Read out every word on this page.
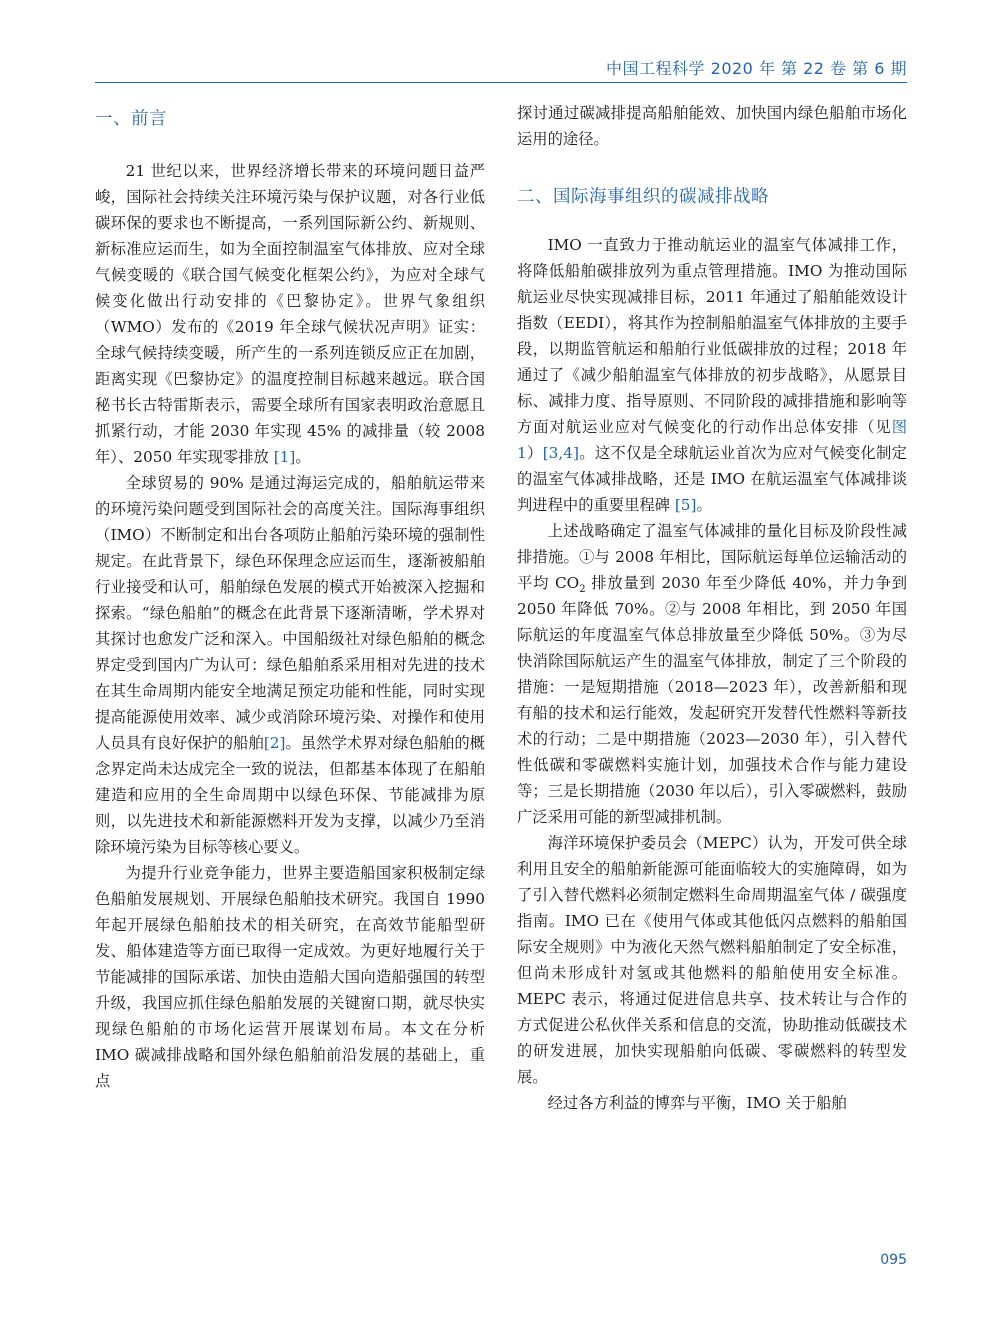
中国工程科学 2020 年 第 22 卷 第 6 期
一、前言

21 世纪以来，世界经济增长带来的环境问题日益严峻，国际社会持续关注环境污染与保护议题，对各行业低碳环保的要求也不断提高，一系列国际新公约、新规则、新标准应运而生，如为全面控制温室气体排放、应对全球气候变暖的《联合国气候变化框架公约》，为应对全球气候变化做出行动安排的《巴黎协定》。世界气象组织（WMO）发布的《2019 年全球气候状况声明》证实：全球气候持续变暖，所产生的一系列连锁反应正在加剧，距离实现《巴黎协定》的温度控制目标越来越远。联合国秘书长古特雷斯表示，需要全球所有国家表明政治意愿且抓紧行动，才能 2030 年实现 45% 的减排量（较 2008 年）、2050 年实现零排放 [1]。

全球贸易的 90% 是通过海运完成的，船舶航运带来的环境污染问题受到国际社会的高度关注。国际海事组织（IMO）不断制定和出台各项防止船舶污染环境的强制性规定。在此背景下，绿色环保理念应运而生，逐渐被船舶行业接受和认可，船舶绿色发展的模式开始被深入挖掘和探索。“绿色船舶”的概念在此背景下逐渐清晰，学术界对其探讨也愈发广泛和深入。中国船级社对绿色船舶的概念界定受到国内广为认可：绿色船舶系采用相对先进的技术在其生命周期内能安全地满足预定功能和性能，同时实现提高能源使用效率、减少或消除环境污染、对操作和使用人员具有良好保护的船舶[2]。虽然学术界对绿色船舶的概念界定尚未达成完全一致的说法，但都基本体现了在船舶建造和应用的全生命周期中以绿色环保、节能减排为原则，以先进技术和新能源燃料开发为支撑，以减少乃至消除环境污染为目标等核心要义。

为提升行业竞争能力，世界主要造船国家积极制定绿色船舶发展规划、开展绿色船舶技术研究。我国自 1990 年起开展绿色船舶技术的相关研究，在高效节能船型研发、船体建造等方面已取得一定成效。为更好地履行关于节能减排的国际承诺、加快由造船大国向造船强国的转型升级，我国应抓住绿色船舶发展的关键窗口期，就尽快实现绿色船舶的市场化运营开展谋划布局。本文在分析 IMO 碳减排战略和国外绿色船舶前沿发展的基础上，重点

探讨通过碳减排提高船舶能效、加快国内绿色船舶市场化运用的途径。

二、国际海事组织的碳减排战略

IMO 一直致力于推动航运业的温室气体减排工作，将降低船舶碳排放列为重点管理措施。IMO 为推动国际航运业尽快实现减排目标，2011 年通过了船舶能效设计指数（EEDI），将其作为控制船舶温室气体排放的主要手段，以期监管航运和船舶行业低碳排放的过程；2018 年通过了《减少船舶温室气体排放的初步战略》，从愿景目标、减排力度、指导原则、不同阶段的减排措施和影响等方面对航运业应对气候变化的行动作出总体安排（见图 1）[3,4]。这不仅是全球航运业首次为应对气候变化制定的温室气体减排战略，还是 IMO 在航运温室气体减排谈判进程中的重要里程碑 [5]。

上述战略确定了温室气体减排的量化目标及阶段性减排措施。①与 2008 年相比，国际航运每单位运输活动的平均 $CO_2$ 排放量到 2030 年至少降低 40%，并力争到 2050 年降低 70%。②与 2008 年相比，到 2050 年国际航运的年度温室气体总排放量至少降低 50%。③为尽快消除国际航运产生的温室气体排放，制定了三个阶段的措施：一是短期措施（2018—2023 年），改善新船和现有船的技术和运行能效，发起研究开发替代性燃料等新技术的行动；二是中期措施（2023—2030 年），引入替代性低碳和零碳燃料实施计划，加强技术合作与能力建设等；三是长期措施（2030 年以后），引入零碳燃料，鼓励广泛采用可能的新型减排机制。

海洋环境保护委员会（MEPC）认为，开发可供全球利用且安全的船舶新能源可能面临较大的实施障碍，如为了引入替代燃料必须制定燃料生命周期温室气体 / 碳强度指南。IMO 已在《使用气体或其他低闪点燃料的船舶国际安全规则》中为液化天然气燃料船舶制定了安全标准，但尚未形成针对氢或其他燃料的船舶使用安全标准。MEPC 表示，将通过促进信息共享、技术转让与合作的方式促进公私伙伴关系和信息的交流，协助推动低碳技术的研发进展，加快实现船舶向低碳、零碳燃料的转型发展。

经过各方利益的博弈与平衡，IMO 关于船舶

095
